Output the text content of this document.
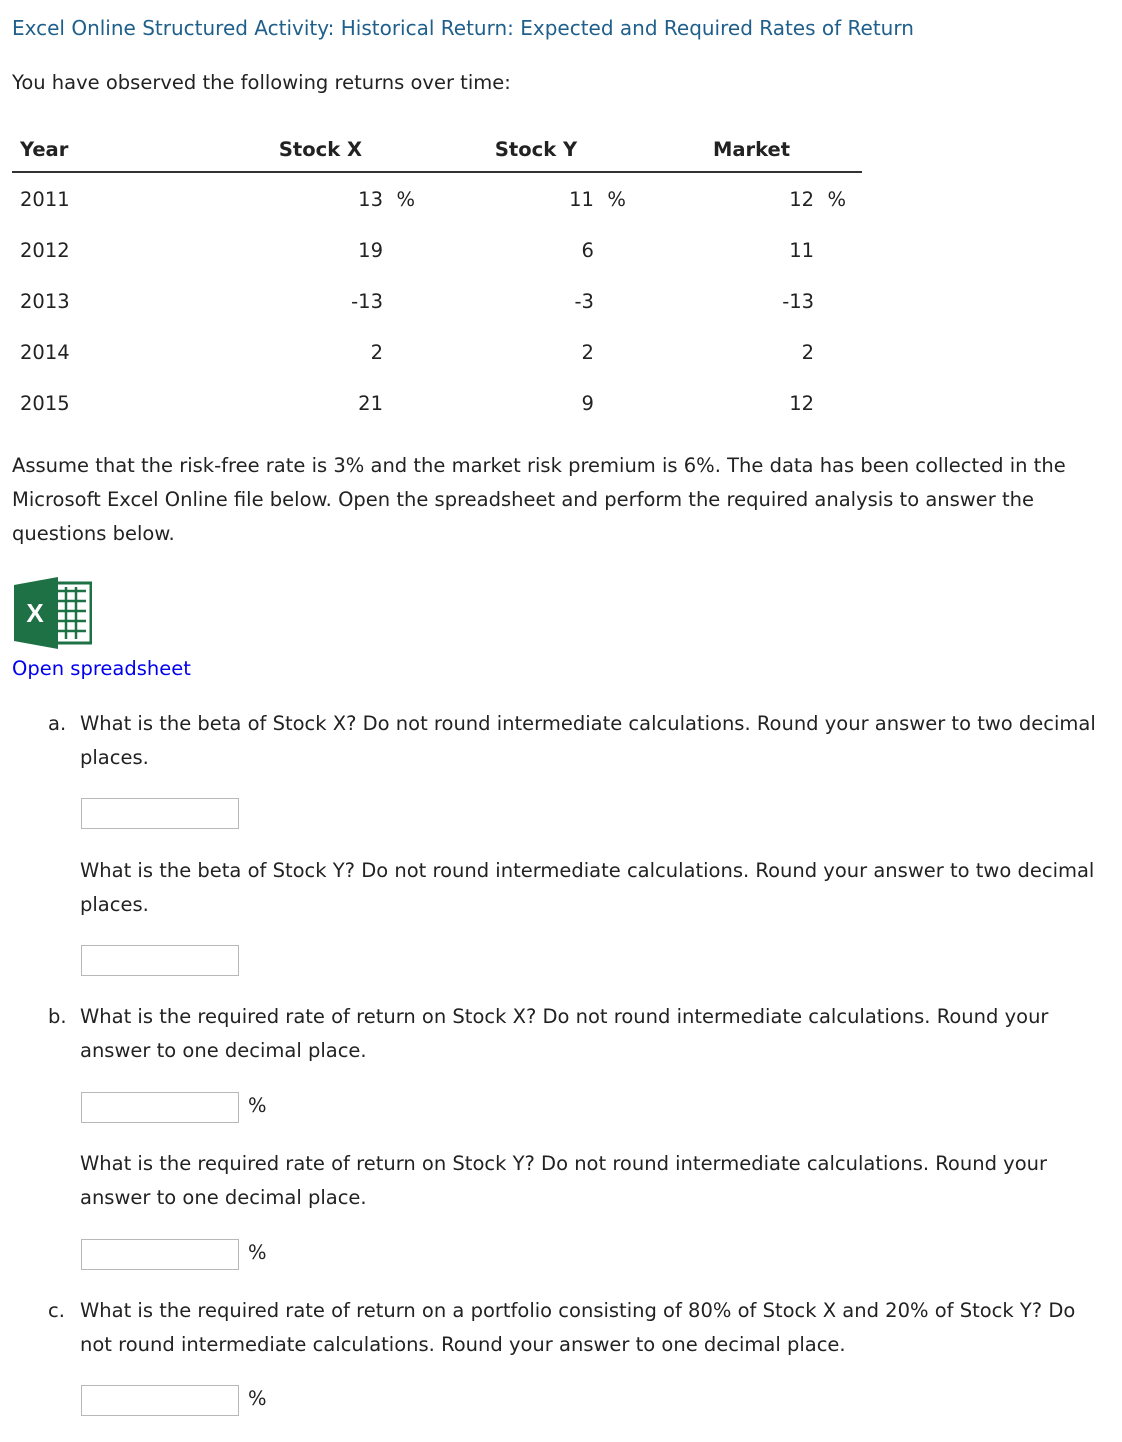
Excel Online Structured Activity: Historical Return: Expected and Required Rates of Return

You have observed the following returns over time:

Year	Stock X	Stock Y	Market
2011	13 %	11 %	12 %
2012	19	6	11
2013	-13	-3	-13
2014	2	2	2
2015	21	9	12

Assume that the risk-free rate is 3% and the market risk premium is 6%. The data has been collected in the Microsoft Excel Online file below. Open the spreadsheet and perform the required analysis to answer the questions below.

X
Open spreadsheet
a. What is the beta of Stock X? Do not round intermediate calculations. Round your answer to two decimal places.
What is the beta of Stock Y? Do not round intermediate calculations. Round your answer to two decimal places.
b. What is the required rate of return on Stock X? Do not round intermediate calculations. Round your answer to one decimal place.
%
What is the required rate of return on Stock Y? Do not round intermediate calculations. Round your answer to one decimal place.
%
c. What is the required rate of return on a portfolio consisting of 80% of Stock X and 20% of Stock Y? Do not round intermediate calculations. Round your answer to one decimal place.
%
